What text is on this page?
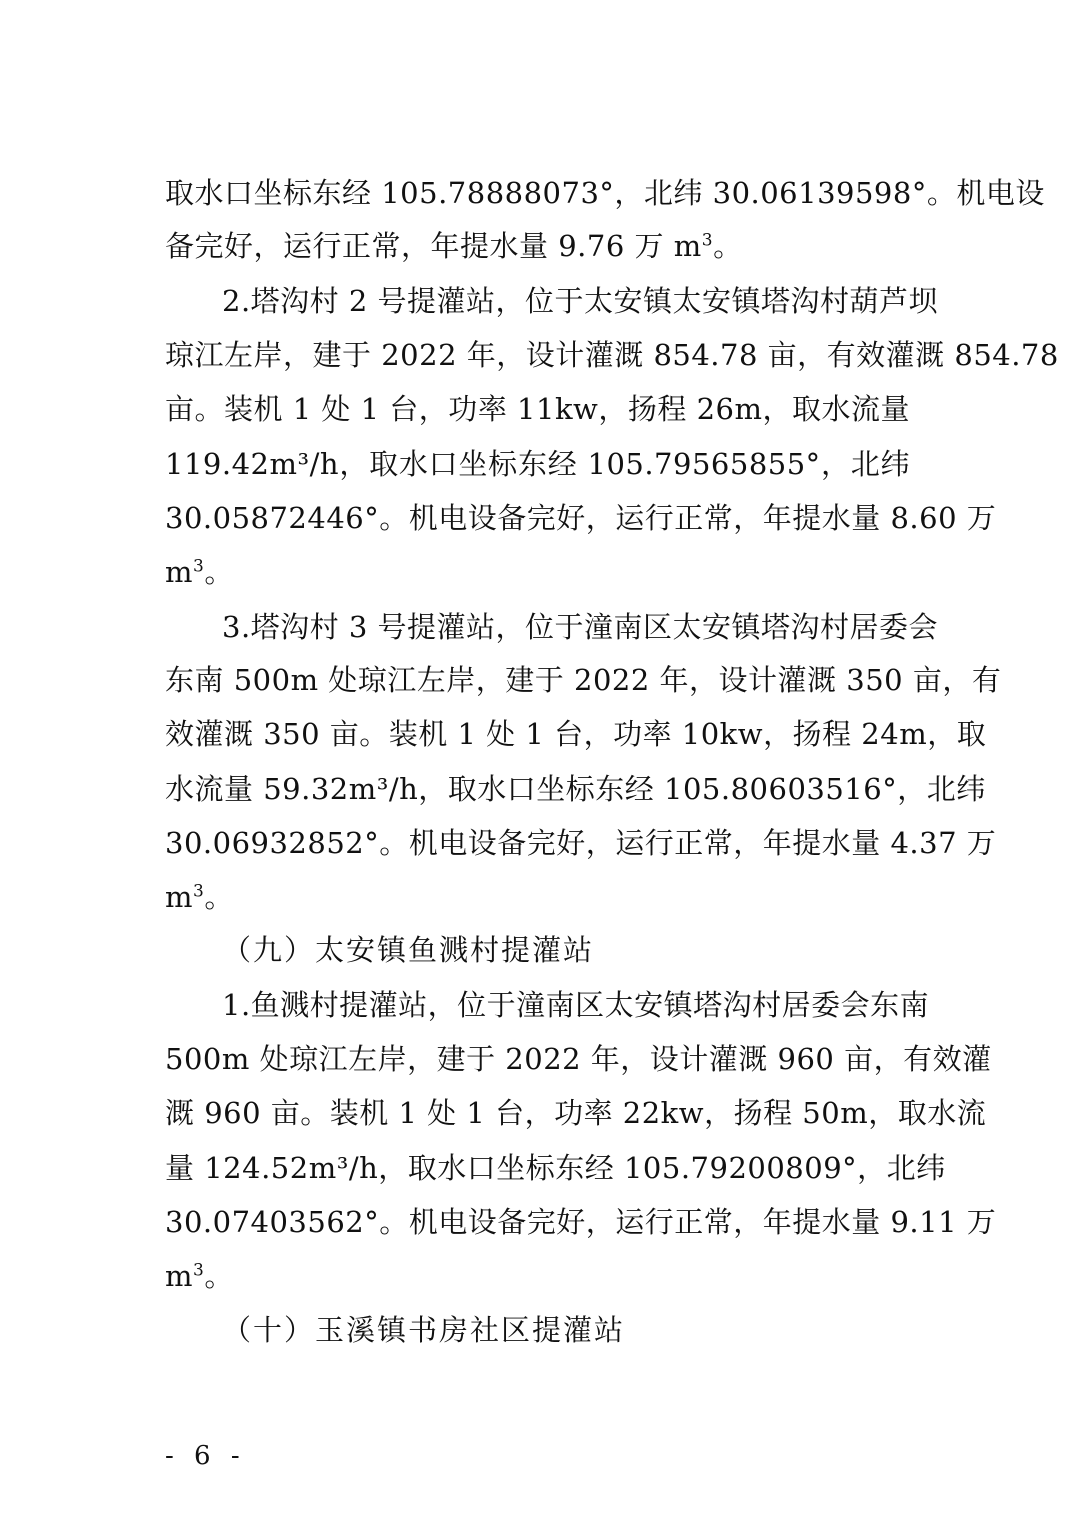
取水口坐标东经 105.78888073°，北纬 30.06139598°。机电设
备完好，运行正常，年提水量 9.76 万 $m^3$。
2.塔沟村 2 号提灌站，位于太安镇太安镇塔沟村葫芦坝
琼江左岸，建于 2022 年，设计灌溉 854.78 亩，有效灌溉 854.78
亩。装机 1 处 1 台，功率 11kw，扬程 26m，取水流量
119.42m³/h，取水口坐标东经 105.79565855°，北纬
30.05872446°。机电设备完好，运行正常，年提水量 8.60 万
$m^3$。
3.塔沟村 3 号提灌站，位于潼南区太安镇塔沟村居委会
东南 500m 处琼江左岸，建于 2022 年，设计灌溉 350 亩，有
效灌溉 350 亩。装机 1 处 1 台，功率 10kw，扬程 24m，取
水流量 59.32m³/h，取水口坐标东经 105.80603516°，北纬
30.06932852°。机电设备完好，运行正常，年提水量 4.37 万
$m^3$。
（九）太安镇鱼溅村提灌站
1.鱼溅村提灌站，位于潼南区太安镇塔沟村居委会东南
500m 处琼江左岸，建于 2022 年，设计灌溉 960 亩，有效灌
溉 960 亩。装机 1 处 1 台，功率 22kw，扬程 50m，取水流
量 124.52m³/h，取水口坐标东经 105.79200809°，北纬
30.07403562°。机电设备完好，运行正常，年提水量 9.11 万
$m^3$。
（十）玉溪镇书房社区提灌站
- 6 -
